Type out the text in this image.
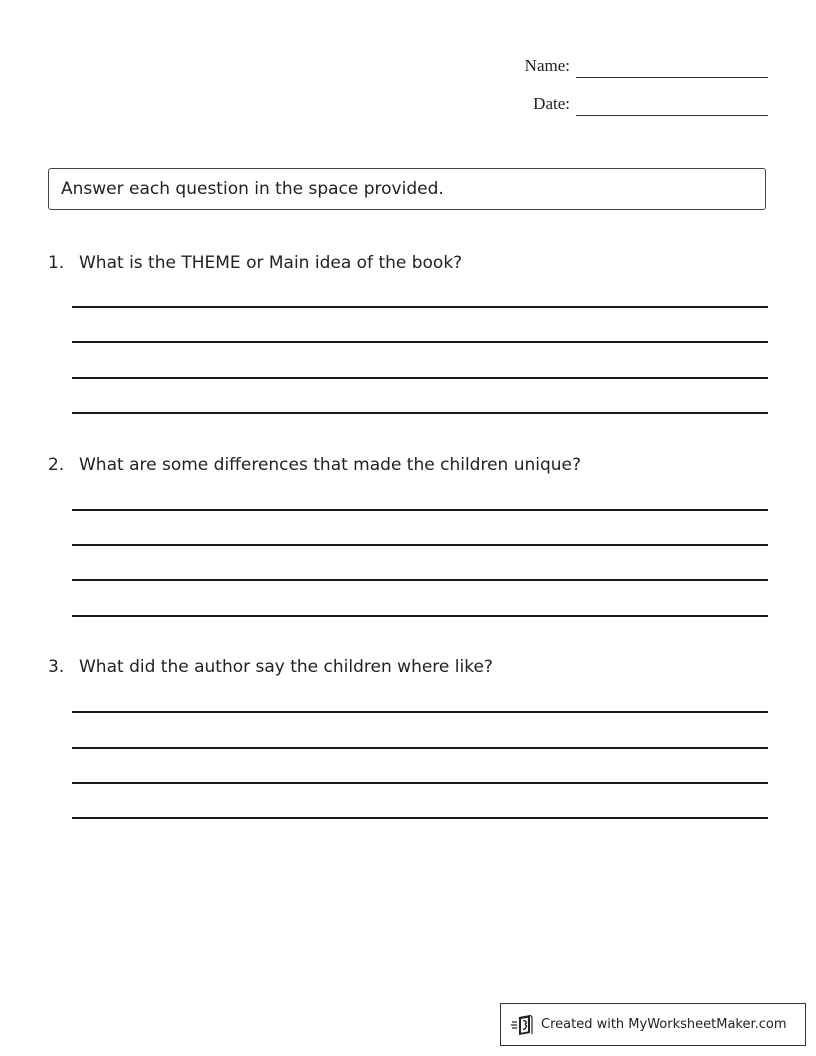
Name:
Date:
Answer each question in the space provided.
1. What is the THEME or Main idea of the book?
2. What are some differences that made the children unique?
3. What did the author say the children where like?
Created with MyWorksheetMaker.com
